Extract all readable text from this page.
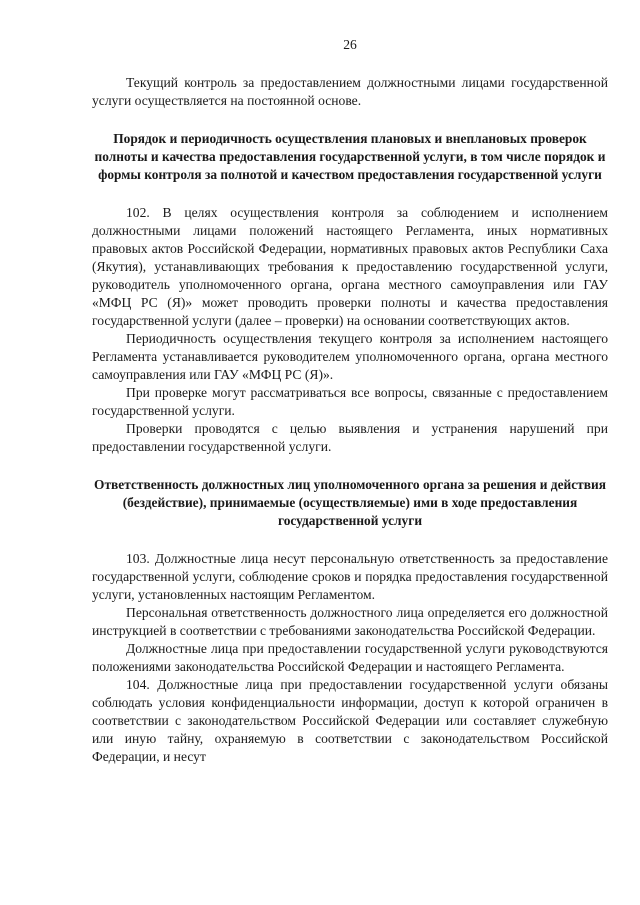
26

Текущий контроль за предоставлением должностными лицами государственной услуги осуществляется на постоянной основе.

Порядок и периодичность осуществления плановых и внеплановых проверок полноты и качества предоставления государственной услуги, в том числе порядок и формы контроля за полнотой и качеством предоставления государственной услуги

102. В целях осуществления контроля за соблюдением и исполнением должностными лицами положений настоящего Регламента, иных нормативных правовых актов Российской Федерации, нормативных правовых актов Республики Саха (Якутия), устанавливающих требования к предоставлению государственной услуги, руководитель уполномоченного органа, органа местного самоуправления или ГАУ «МФЦ РС (Я)» может проводить проверки полноты и качества предоставления государственной услуги (далее – проверки) на основании соответствующих актов.

Периодичность осуществления текущего контроля за исполнением настоящего Регламента устанавливается руководителем уполномоченного органа, органа местного самоуправления или ГАУ «МФЦ РС (Я)».

При проверке могут рассматриваться все вопросы, связанные с предоставлением государственной услуги.

Проверки проводятся с целью выявления и устранения нарушений при предоставлении государственной услуги.

Ответственность должностных лиц уполномоченного органа за решения и действия (бездействие), принимаемые (осуществляемые) ими в ходе предоставления государственной услуги

103. Должностные лица несут персональную ответственность за предоставление государственной услуги, соблюдение сроков и порядка предоставления государственной услуги, установленных настоящим Регламентом.

Персональная ответственность должностного лица определяется его должностной инструкцией в соответствии с требованиями законодательства Российской Федерации.

Должностные лица при предоставлении государственной услуги руководствуются положениями законодательства Российской Федерации и настоящего Регламента.

104. Должностные лица при предоставлении государственной услуги обязаны соблюдать условия конфиденциальности информации, доступ к которой ограничен в соответствии с законодательством Российской Федерации или составляет служебную или иную тайну, охраняемую в соответствии с законодательством Российской Федерации, и несут
